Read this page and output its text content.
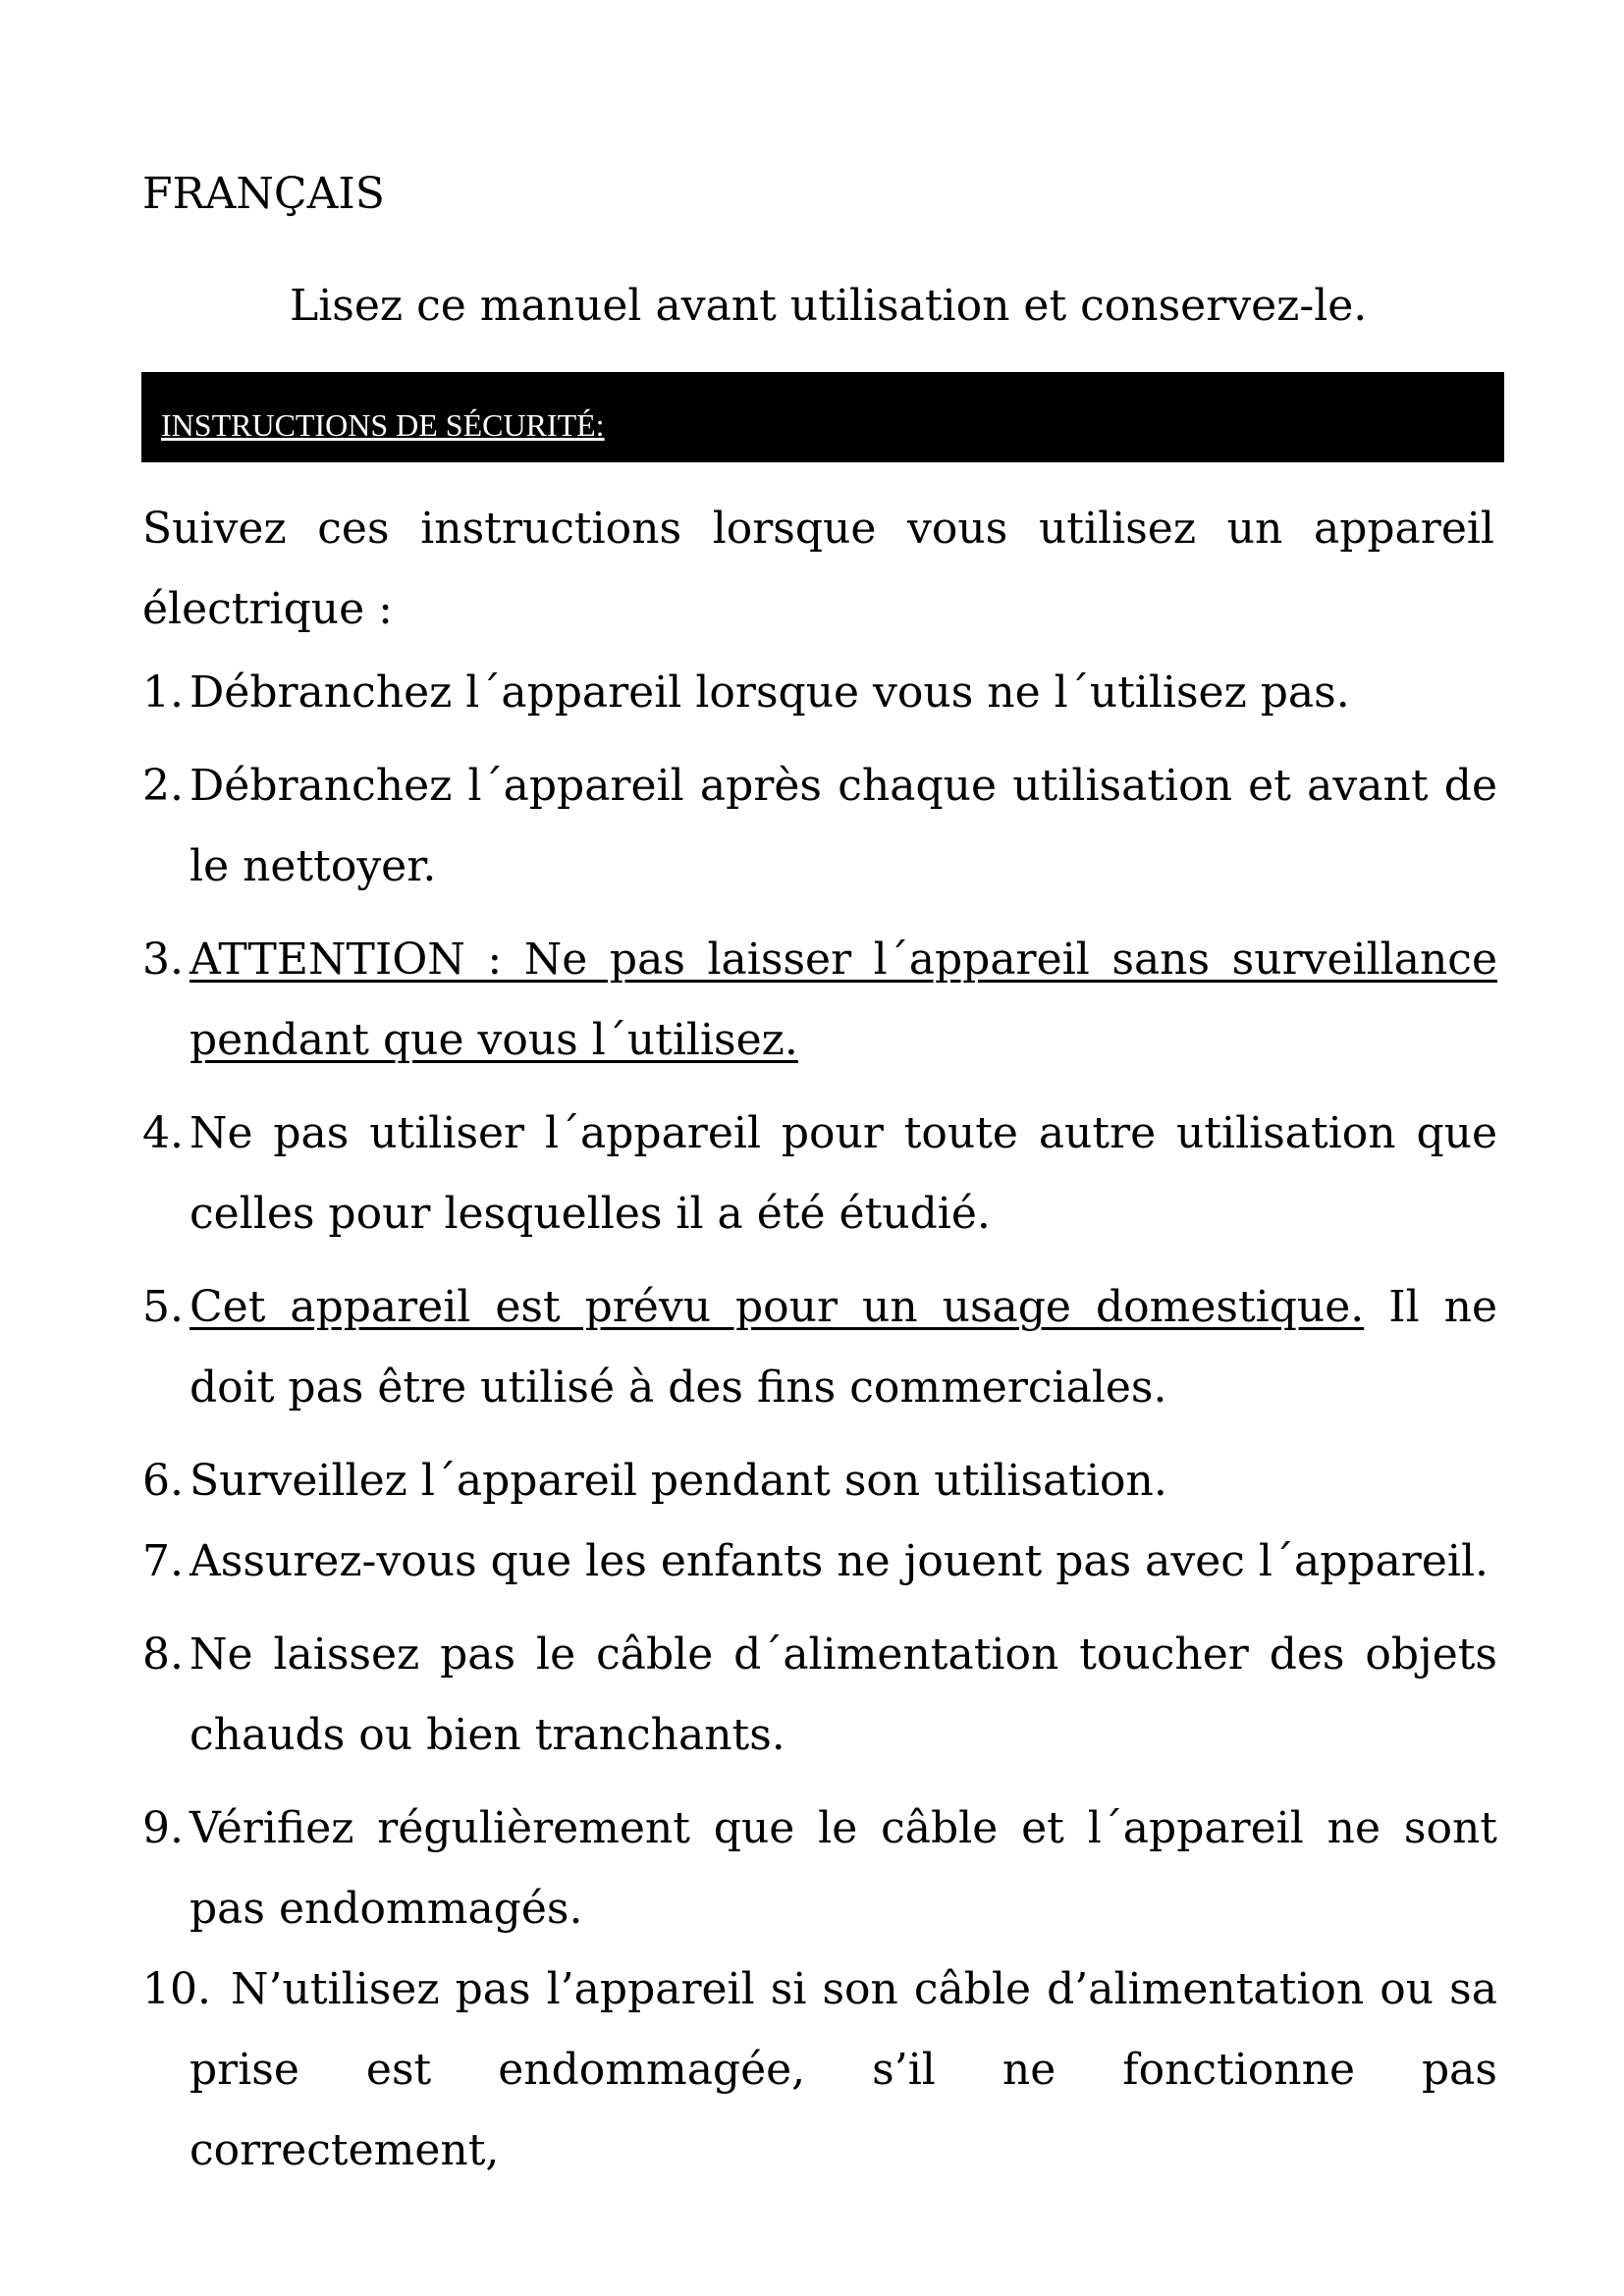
FRANÇAIS

Lisez ce manuel avant utilisation et conservez-le.

INSTRUCTIONS DE SÉCURITÉ:

Suivez ces instructions lorsque vous utilisez un appareil électrique :

1. Débranchez l´appareil lorsque vous ne l´utilisez pas.
2. Débranchez l´appareil après chaque utilisation et avant de le nettoyer.
3. ATTENTION : Ne pas laisser l´appareil sans surveillance pendant que vous l´utilisez.
4. Ne pas utiliser l´appareil pour toute autre utilisation que celles pour lesquelles il a été étudié.
5. Cet appareil est prévu pour un usage domestique. Il ne doit pas être utilisé à des fins commerciales.
6. Surveillez l´appareil pendant son utilisation.
7. Assurez-vous que les enfants ne jouent pas avec l´appareil.
8. Ne laissez pas le câble d´alimentation toucher des objets chauds ou bien tranchants.
9. Vérifiez régulièrement que le câble et l´appareil ne sont pas endommagés.
10. N’utilisez pas l’appareil si son câble d’alimentation ou sa prise est endommagée, s’il ne fonctionne pas correctement,
